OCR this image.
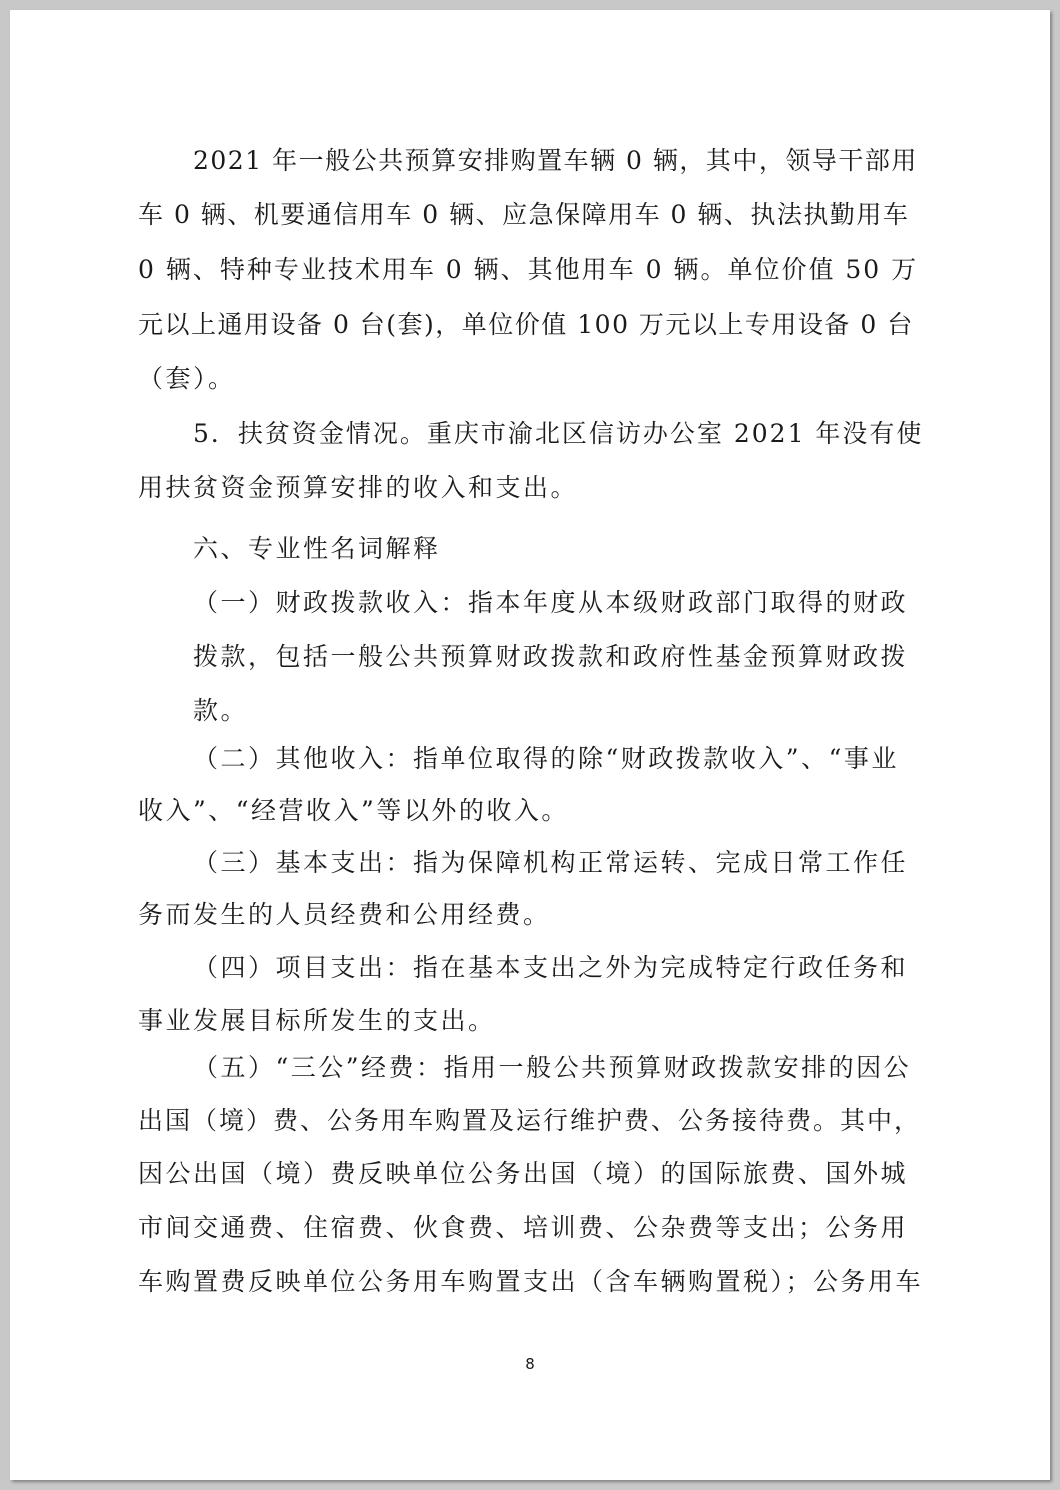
2021 年一般公共预算安排购置车辆 0 辆，其中，领导干部用
车 0 辆、机要通信用车 0 辆、应急保障用车 0 辆、执法执勤用车
0 辆、特种专业技术用车 0 辆、其他用车 0 辆。单位价值 50 万
元以上通用设备 0 台(套)，单位价值 100 万元以上专用设备 0 台
（套）。
5．扶贫资金情况。重庆市渝北区信访办公室 2021 年没有使
用扶贫资金预算安排的收入和支出。
六、专业性名词解释
（一）财政拨款收入：指本年度从本级财政部门取得的财政
拨款，包括一般公共预算财政拨款和政府性基金预算财政拨
款。
（二）其他收入：指单位取得的除“财政拨款收入”、“事业
收入”、“经营收入”等以外的收入。
（三）基本支出：指为保障机构正常运转、完成日常工作任
务而发生的人员经费和公用经费。
（四）项目支出：指在基本支出之外为完成特定行政任务和
事业发展目标所发生的支出。
（五）“三公”经费：指用一般公共预算财政拨款安排的因公
出国（境）费、公务用车购置及运行维护费、公务接待费。其中，
因公出国（境）费反映单位公务出国（境）的国际旅费、国外城
市间交通费、住宿费、伙食费、培训费、公杂费等支出；公务用
车购置费反映单位公务用车购置支出（含车辆购置税）；公务用车
8
